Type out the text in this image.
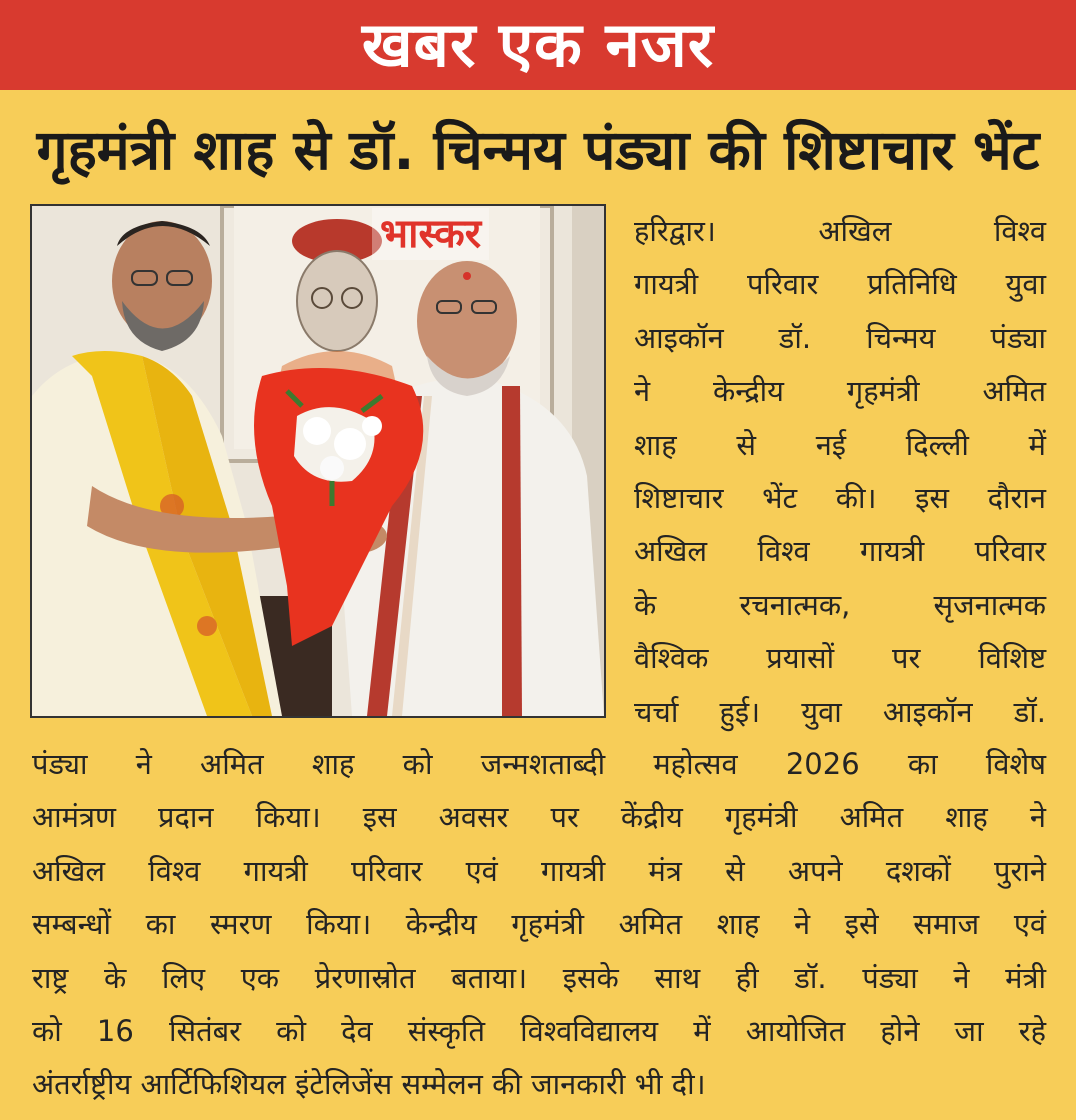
खबर एक नजर
गृहमंत्री शाह से डॉ. चिन्मय पंड्या की शिष्टाचार भेंट
भास्कर	हरिद्वार। अखिल विश्व
गायत्री परिवार प्रतिनिधि युवा
आइकॉन डॉ. चिन्मय पंड्या
ने केन्द्रीय गृहमंत्री अमित
शाह से नई दिल्ली में
शिष्टाचार भेंट की। इस दौरान
अखिल विश्व गायत्री परिवार
के रचनात्मक, सृजनात्मक
वैश्विक प्रयासों पर विशिष्ट
चर्चा हुई। युवा आइकॉन डॉ.
पंड्या ने अमित शाह को जन्मशताब्दी महोत्सव 2026 का विशेष
आमंत्रण प्रदान किया। इस अवसर पर केंद्रीय गृहमंत्री अमित शाह ने
अखिल विश्व गायत्री परिवार एवं गायत्री मंत्र से अपने दशकों पुराने
सम्बन्धों का स्मरण किया। केन्द्रीय गृहमंत्री अमित शाह ने इसे समाज एवं
राष्ट्र के लिए एक प्रेरणास्रोत बताया। इसके साथ ही डॉ. पंड्या ने मंत्री
को 16 सितंबर को देव संस्कृति विश्वविद्यालय में आयोजित होने जा रहे
अंतर्राष्ट्रीय आर्टिफिशियल इंटेलिजेंस सम्मेलन की जानकारी भी दी।
